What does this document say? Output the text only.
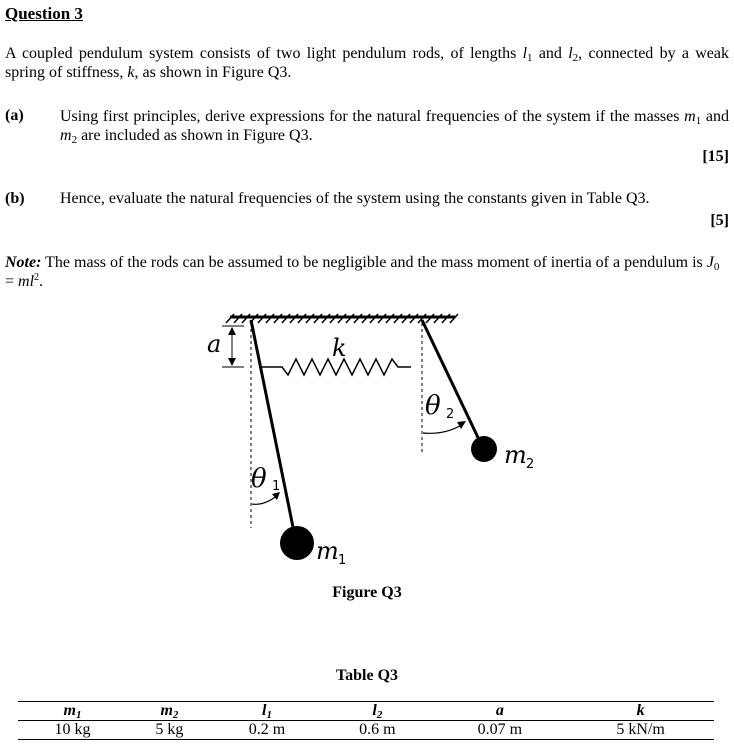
Question 3
A coupled pendulum system consists of two light pendulum rods, of lengths $l_1$ and $l_2$, connected by a weak spring of stiffness, k, as shown in Figure Q3.
(a) Using first principles, derive expressions for the natural frequencies of the system if the masses $m_1$ and $m_2$ are included as shown in Figure Q3.
[15]
(b) Hence, evaluate the natural frequencies of the system using the constants given in Table Q3.
[5]
Note: The mass of the rods can be assumed to be negligible and the mass moment of inertia of a pendulum is $J_0 = ml^2$.
a	k
θ 1
θ 2
m 1
m 2
Figure Q3
Table Q3
$m_1$	$m_2$	$l_1$	$l_2$	a	k
10 kg	5 kg	0.2 m	0.6 m	0.07 m	5 kN/m
